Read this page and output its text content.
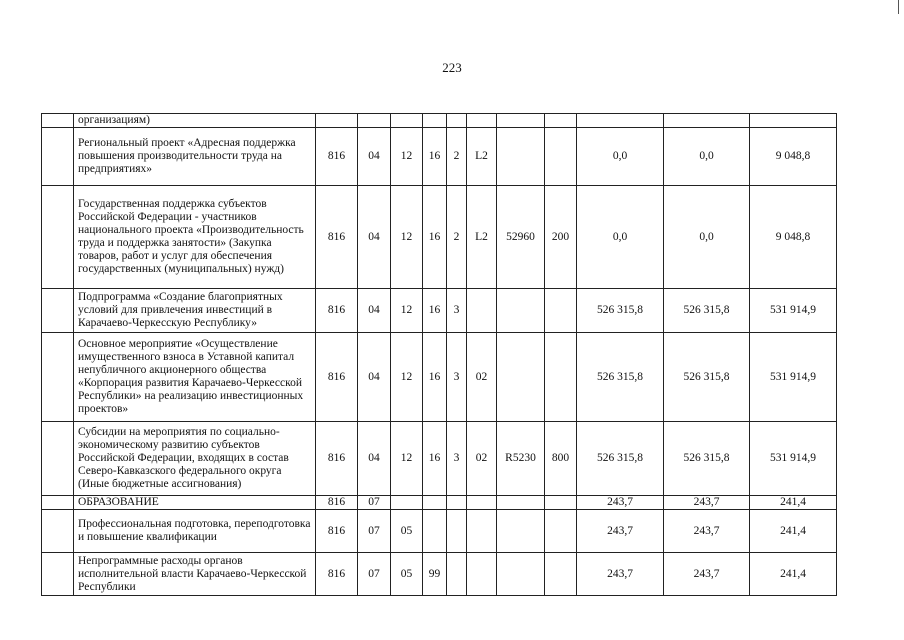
223
	организациям)											
	Региональный проект «Адресная поддержка повышения производительности труда на предприятиях»	816	04	12	16	2	L2			0,0	0,0	9 048,8
	Государственная поддержка субъектов Российской Федерации - участников национального проекта «Производительность труда и поддержка занятости» (Закупка товаров, работ и услуг для обеспечения государственных (муниципальных) нужд)	816	04	12	16	2	L2	52960	200	0,0	0,0	9 048,8
	Подпрограмма «Создание благоприятных условий для привлечения инвестиций в Карачаево-Черкесскую Республику»	816	04	12	16	3				526 315,8	526 315,8	531 914,9
	Основное мероприятие «Осуществление имущественного взноса в Уставной капитал непубличного акционерного общества «Корпорация развития Карачаево-Черкесской Республики» на реализацию инвестиционных проектов»	816	04	12	16	3	02			526 315,8	526 315,8	531 914,9
	Субсидии на мероприятия по социально-экономическому развитию субъектов Российской Федерации, входящих в состав Северо-Кавказского федерального округа (Иные бюджетные ассигнования)	816	04	12	16	3	02	R5230	800	526 315,8	526 315,8	531 914,9
	ОБРАЗОВАНИЕ	816	07							243,7	243,7	241,4
	Профессиональная подготовка, переподготовка и повышение квалификации	816	07	05						243,7	243,7	241,4
	Непрограммные расходы органов исполнительной власти Карачаево-Черкесской Республики	816	07	05	99					243,7	243,7	241,4
